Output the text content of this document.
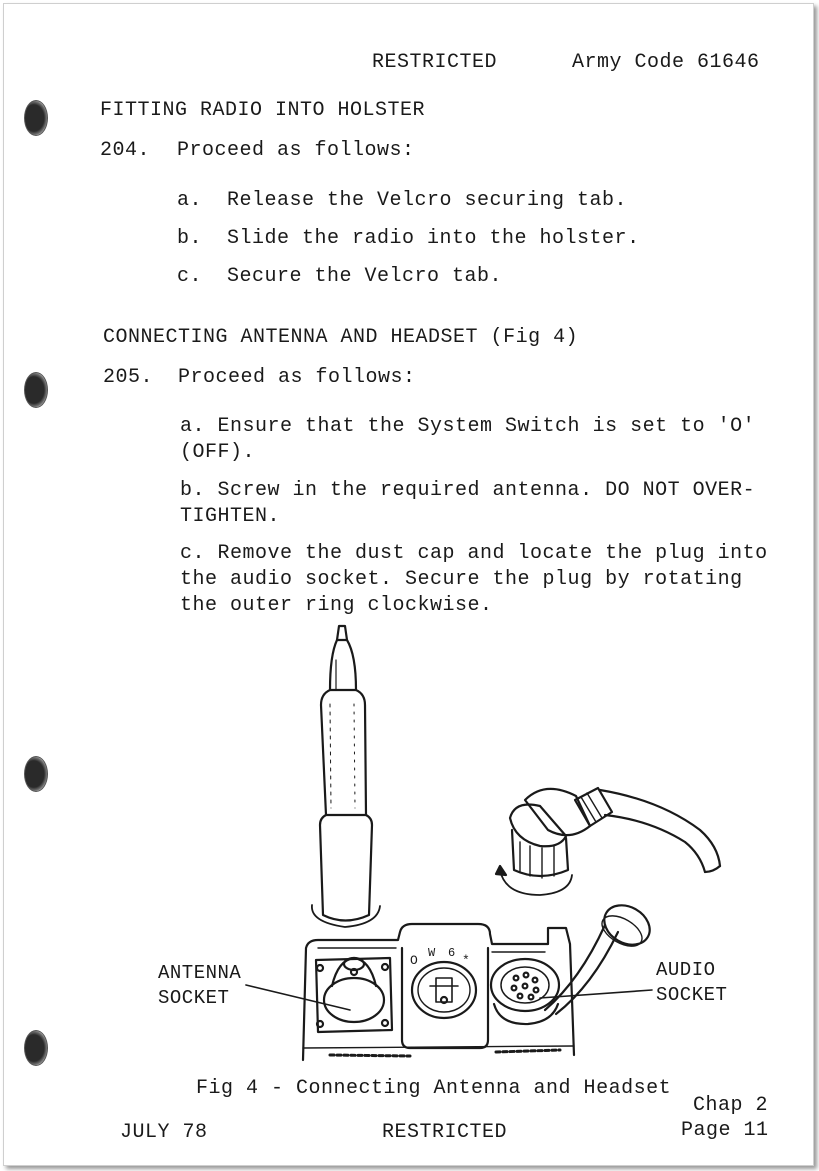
RESTRICTED	Army Code 61646
FITTING RADIO INTO HOLSTER
204. Proceed as follows:
a. Release the Velcro securing tab.
b. Slide the radio into the holster.
c. Secure the Velcro tab.
CONNECTING ANTENNA AND HEADSET (Fig 4)
205. Proceed as follows:
a. Ensure that the System Switch is set to 'O'
(OFF).
b. Screw in the required antenna. DO NOT OVER-
TIGHTEN.
c. Remove the dust cap and locate the plug into
the audio socket. Secure the plug by rotating
the outer ring clockwise.
O W 6 *
ANTENNA
SOCKET
AUDIO
SOCKET
Fig 4 - Connecting Antenna and Headset
Chap 2
JULY 78	RESTRICTED	Page 11
